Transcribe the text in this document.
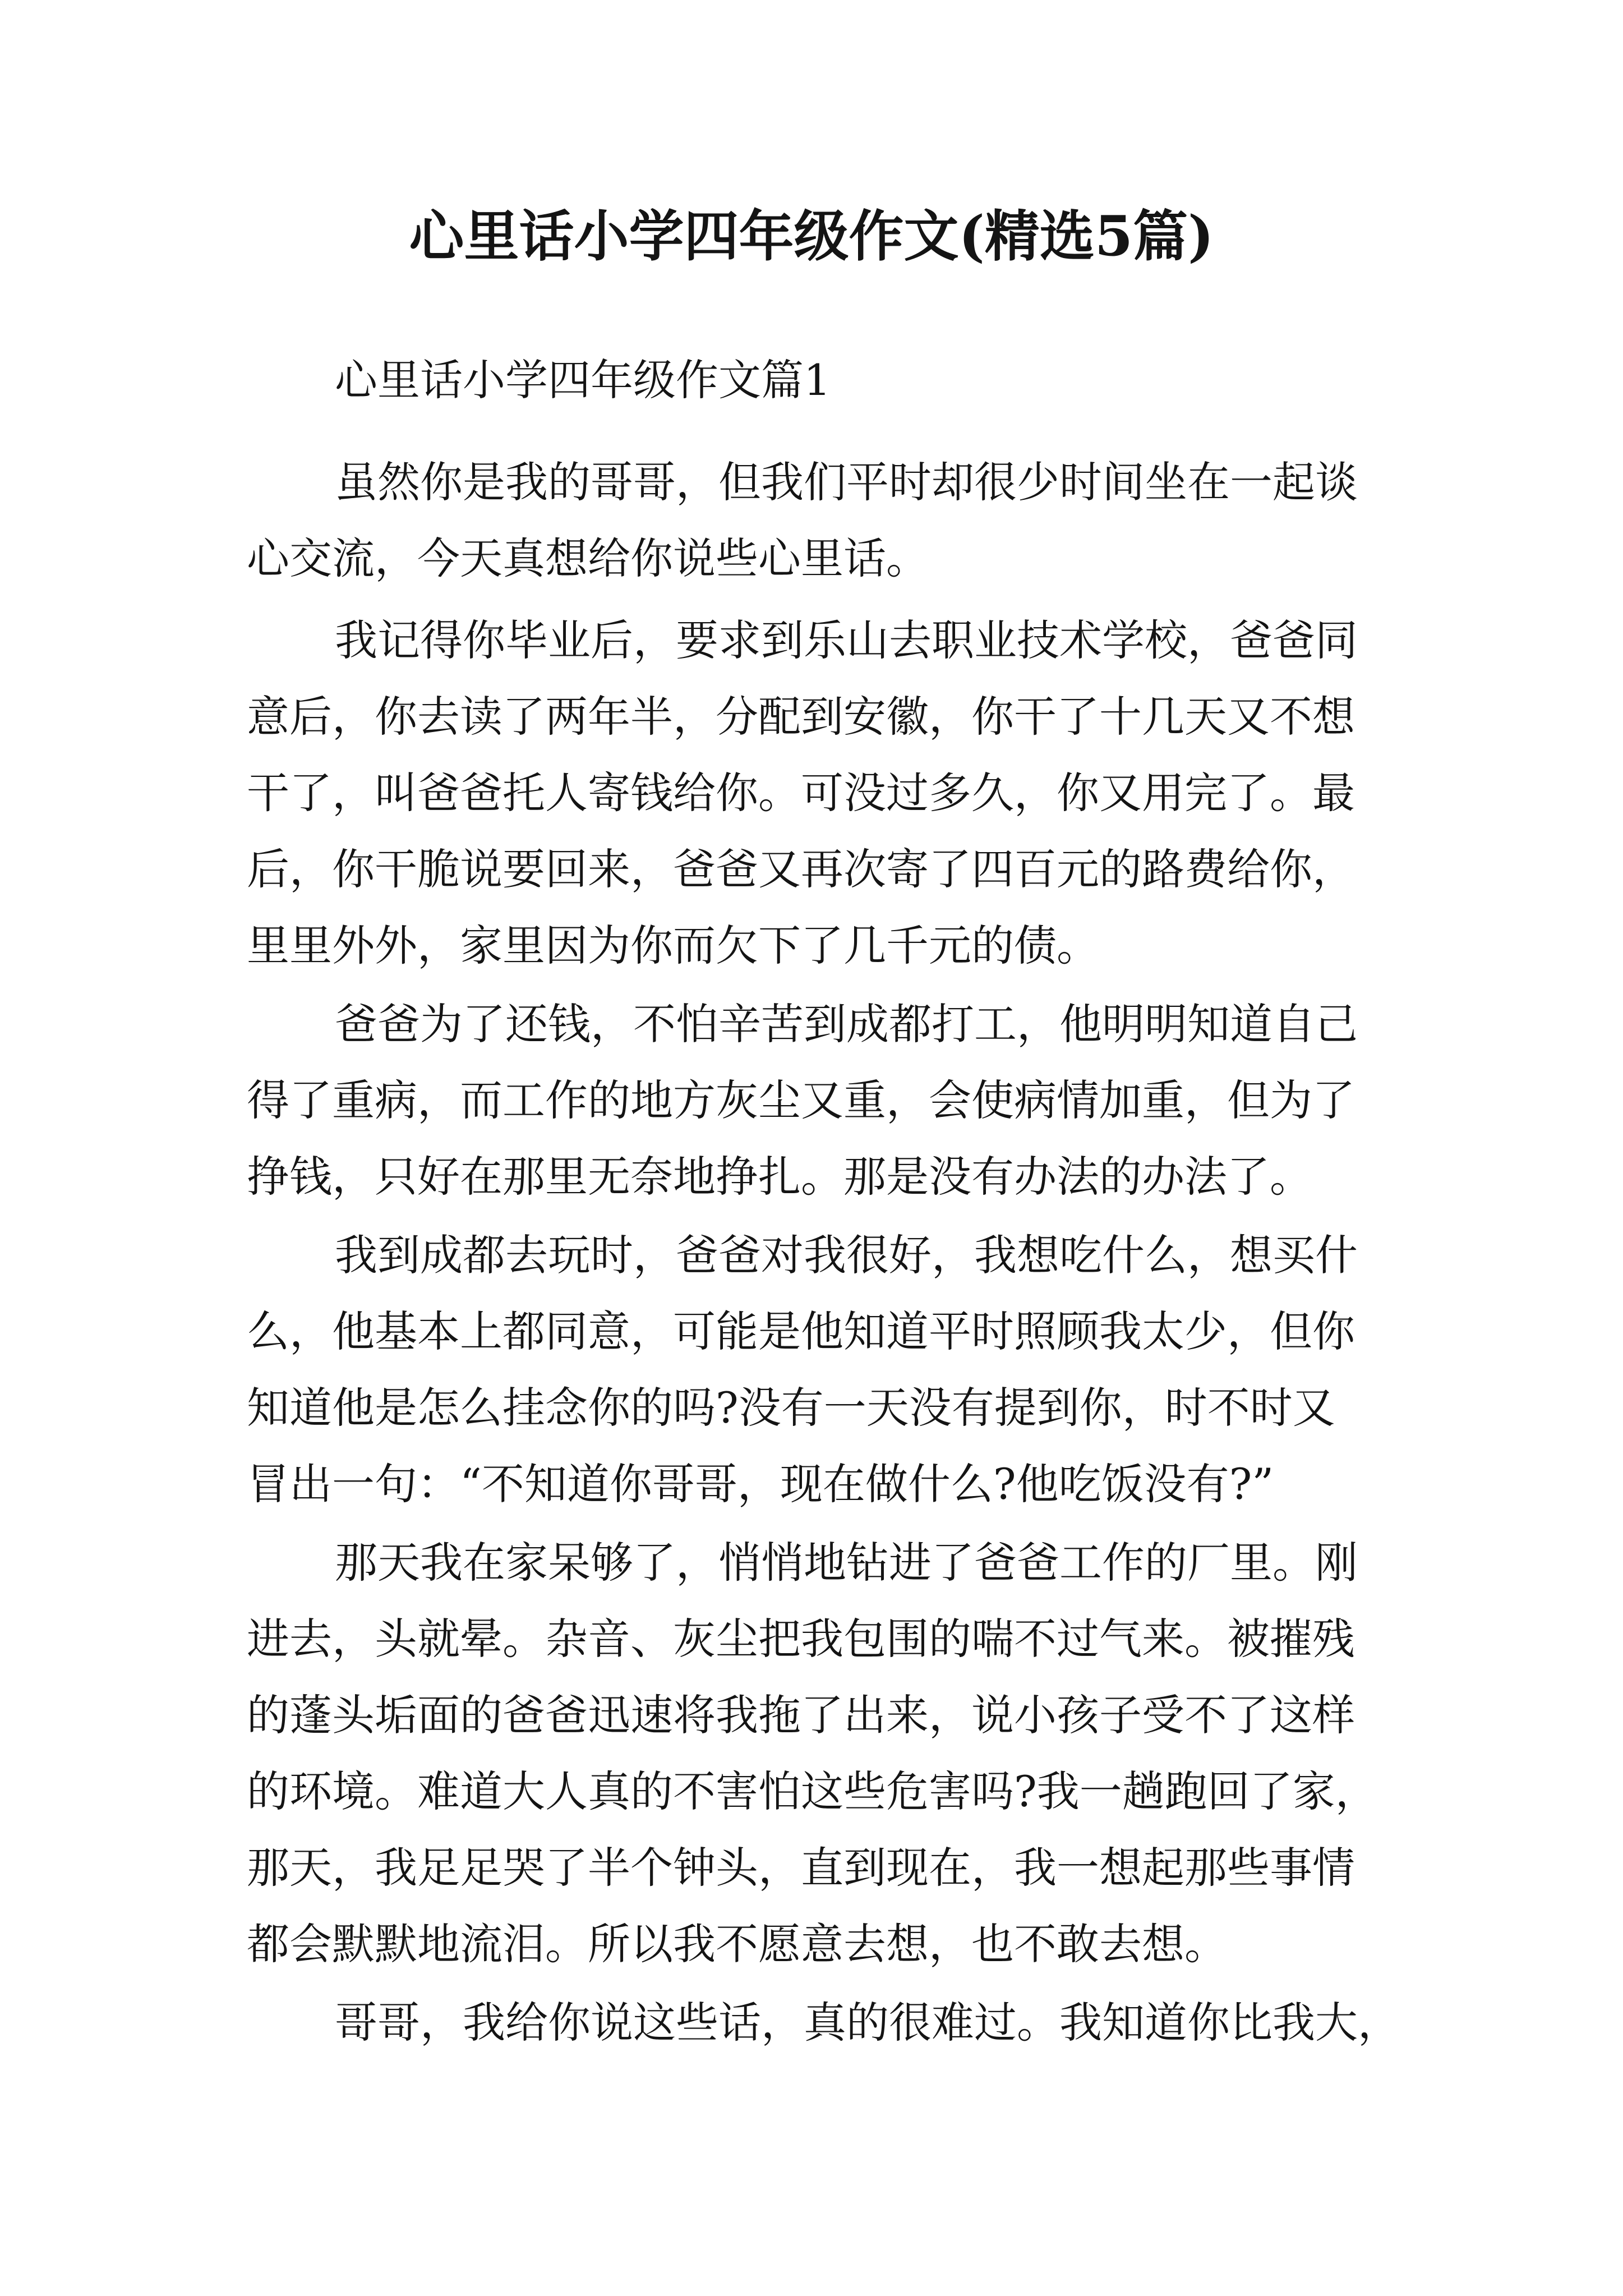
心里话小学四年级作文(精选5篇)
心里话小学四年级作文篇1
虽然你是我的哥哥，但我们平时却很少时间坐在一起谈
心交流，今天真想给你说些心里话。
我记得你毕业后，要求到乐山去职业技术学校，爸爸同
意后，你去读了两年半，分配到安徽，你干了十几天又不想
干了，叫爸爸托人寄钱给你。可没过多久，你又用完了。最
后，你干脆说要回来，爸爸又再次寄了四百元的路费给你，
里里外外，家里因为你而欠下了几千元的债。
爸爸为了还钱，不怕辛苦到成都打工，他明明知道自己
得了重病，而工作的地方灰尘又重，会使病情加重，但为了
挣钱，只好在那里无奈地挣扎。那是没有办法的办法了。
我到成都去玩时，爸爸对我很好，我想吃什么，想买什
么，他基本上都同意，可能是他知道平时照顾我太少，但你
知道他是怎么挂念你的吗?没有一天没有提到你，时不时又
冒出一句：“不知道你哥哥，现在做什么?他吃饭没有?”
那天我在家呆够了，悄悄地钻进了爸爸工作的厂里。刚
进去，头就晕。杂音、灰尘把我包围的喘不过气来。被摧残
的蓬头垢面的爸爸迅速将我拖了出来，说小孩子受不了这样
的环境。难道大人真的不害怕这些危害吗?我一趟跑回了家，
那天，我足足哭了半个钟头，直到现在，我一想起那些事情
都会默默地流泪。所以我不愿意去想，也不敢去想。
哥哥，我给你说这些话，真的很难过。我知道你比我大，
